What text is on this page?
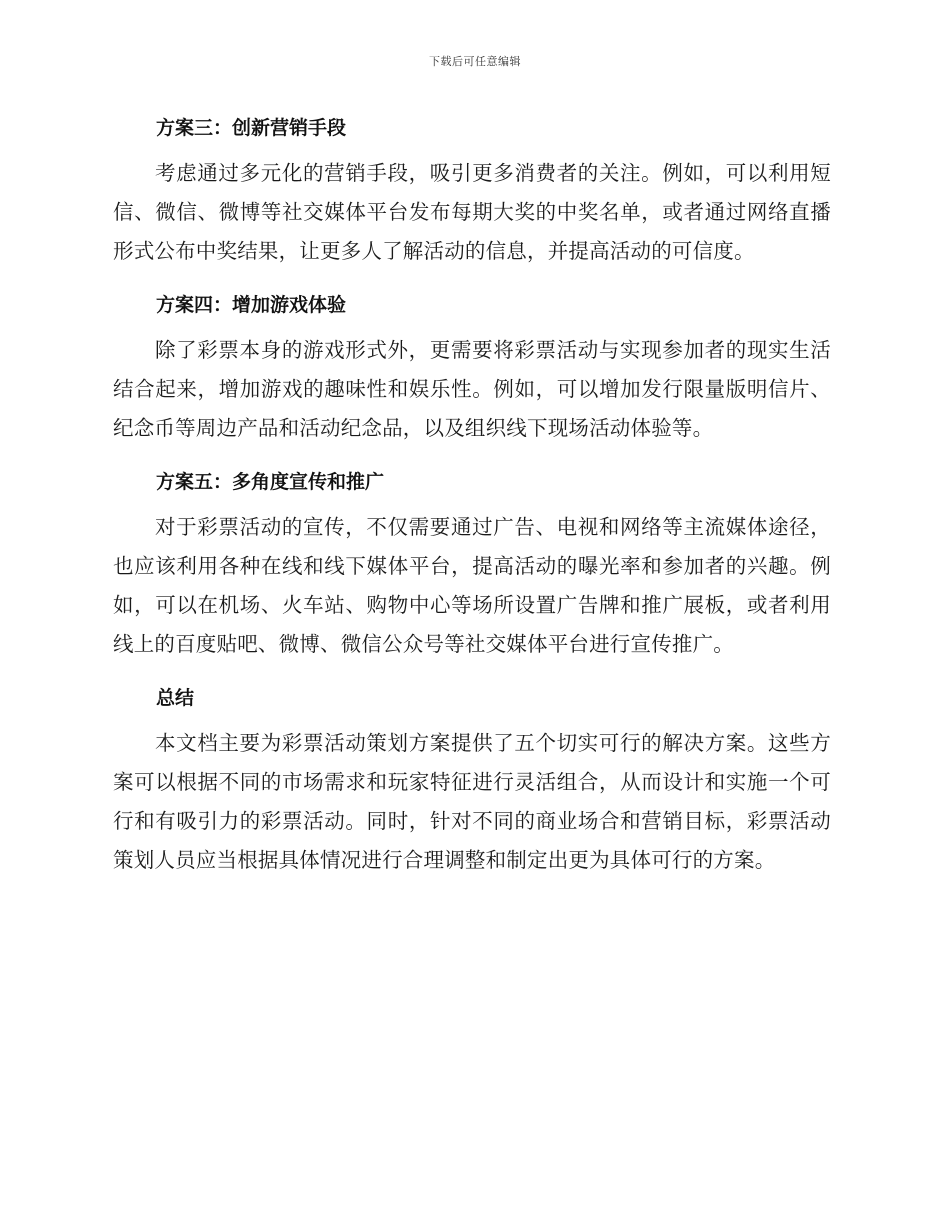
下载后可任意编辑
方案三：创新营销手段

考虑通过多元化的营销手段，吸引更多消费者的关注。例如，可以利用短信、微信、微博等社交媒体平台发布每期大奖的中奖名单，或者通过网络直播形式公布中奖结果，让更多人了解活动的信息，并提高活动的可信度。

方案四：增加游戏体验

除了彩票本身的游戏形式外，更需要将彩票活动与实现参加者的现实生活结合起来，增加游戏的趣味性和娱乐性。例如，可以增加发行限量版明信片、纪念币等周边产品和活动纪念品，以及组织线下现场活动体验等。

方案五：多角度宣传和推广

对于彩票活动的宣传，不仅需要通过广告、电视和网络等主流媒体途径，也应该利用各种在线和线下媒体平台，提高活动的曝光率和参加者的兴趣。例如，可以在机场、火车站、购物中心等场所设置广告牌和推广展板，或者利用线上的百度贴吧、微博、微信公众号等社交媒体平台进行宣传推广。

总结

本文档主要为彩票活动策划方案提供了五个切实可行的解决方案。这些方案可以根据不同的市场需求和玩家特征进行灵活组合，从而设计和实施一个可行和有吸引力的彩票活动。同时，针对不同的商业场合和营销目标，彩票活动策划人员应当根据具体情况进行合理调整和制定出更为具体可行的方案。
